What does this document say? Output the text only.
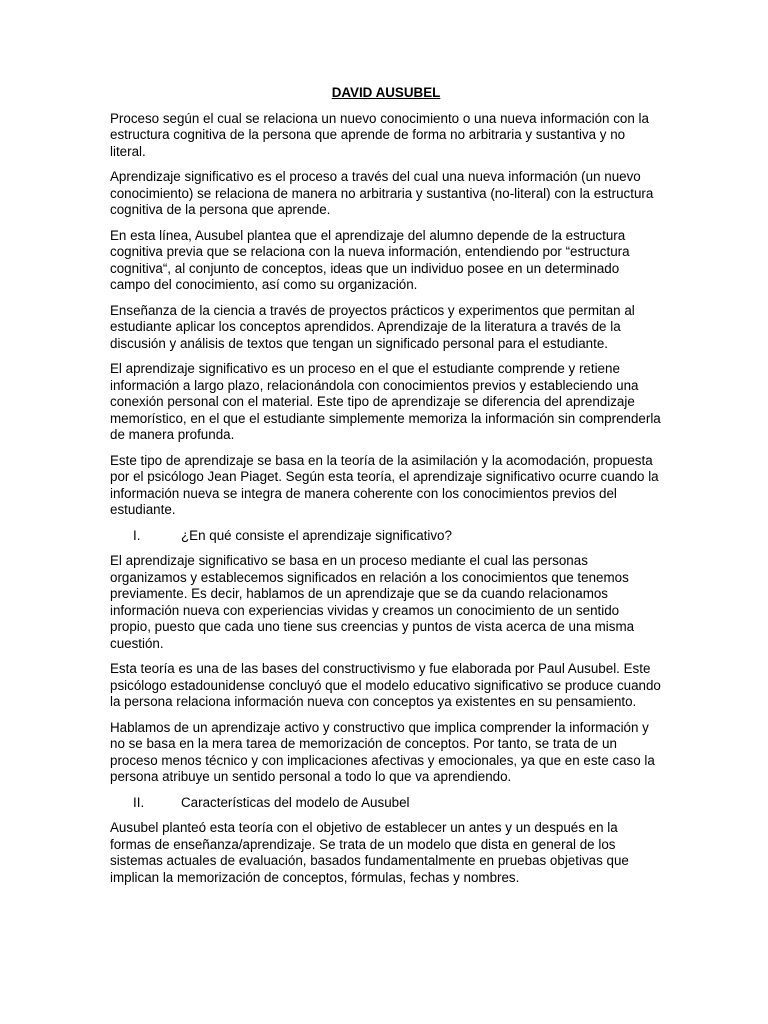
DAVID AUSUBEL

Proceso según el cual se relaciona un nuevo conocimiento o una nueva información con la estructura cognitiva de la persona que aprende de forma no arbitraria y sustantiva y no literal.

Aprendizaje significativo es el proceso a través del cual una nueva información (un nuevo conocimiento) se relaciona de manera no arbitraria y sustantiva (no-literal) con la estructura cognitiva de la persona que aprende.

En esta línea, Ausubel plantea que el aprendizaje del alumno depende de la estructura cognitiva previa que se relaciona con la nueva información, entendiendo por “estructura cognitiva“, al conjunto de conceptos, ideas que un individuo posee en un determinado campo del conocimiento, así como su organización.

Enseñanza de la ciencia a través de proyectos prácticos y experimentos que permitan al estudiante aplicar los conceptos aprendidos. Aprendizaje de la literatura a través de la discusión y análisis de textos que tengan un significado personal para el estudiante.

El aprendizaje significativo es un proceso en el que el estudiante comprende y retiene información a largo plazo, relacionándola con conocimientos previos y estableciendo una conexión personal con el material. Este tipo de aprendizaje se diferencia del aprendizaje memorístico, en el que el estudiante simplemente memoriza la información sin comprenderla de manera profunda.

Este tipo de aprendizaje se basa en la teoría de la asimilación y la acomodación, propuesta por el psicólogo Jean Piaget. Según esta teoría, el aprendizaje significativo ocurre cuando la información nueva se integra de manera coherente con los conocimientos previos del estudiante.

I.	¿En qué consiste el aprendizaje significativo?

El aprendizaje significativo se basa en un proceso mediante el cual las personas organizamos y establecemos significados en relación a los conocimientos que tenemos previamente. Es decir, hablamos de un aprendizaje que se da cuando relacionamos información nueva con experiencias vividas y creamos un conocimiento de un sentido propio, puesto que cada uno tiene sus creencias y puntos de vista acerca de una misma cuestión.

Esta teoría es una de las bases del constructivismo y fue elaborada por Paul Ausubel. Este psicólogo estadounidense concluyó que el modelo educativo significativo se produce cuando la persona relaciona información nueva con conceptos ya existentes en su pensamiento.

Hablamos de un aprendizaje activo y constructivo que implica comprender la información y no se basa en la mera tarea de memorización de conceptos. Por tanto, se trata de un proceso menos técnico y con implicaciones afectivas y emocionales, ya que en este caso la persona atribuye un sentido personal a todo lo que va aprendiendo.

II.	Características del modelo de Ausubel

Ausubel planteó esta teoría con el objetivo de establecer un antes y un después en la formas de enseñanza/aprendizaje. Se trata de un modelo que dista en general de los sistemas actuales de evaluación, basados fundamentalmente en pruebas objetivas que implican la memorización de conceptos, fórmulas, fechas y nombres.
